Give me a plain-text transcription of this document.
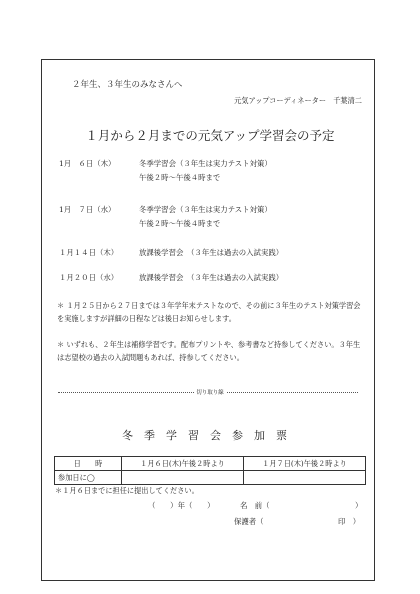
２年生、３年生のみなさんへ
元気アップコーディネーター　千葉清二
１月から２月までの元気アップ学習会の予定
1月　６日（木）	冬季学習会（３年生は実力テスト対策）
午後２時～午後４時まで
1月　７日（水）	冬季学習会（３年生は実力テスト対策）
午後２時～午後４時まで
１月１４日（木）	放課後学習会　（３年生は過去の入試実践）
１月２０日（水）	放課後学習会　（３年生は過去の入試実践）
＊ １月２５日から２７日までは３年学年末テストなので、その前に３年生のテスト対策学習会を実施しますが詳細の日程などは後日お知らせします。
＊ いずれも、２年生は補修学習です。配布プリントや、参考書など持参してください。３年生は志望校の過去の入試問題もあれば、持参してください。
切り取り線
冬季学習会参加票
日　　時	１月６日(木)午後２時より	１月７日(木)午後２時より
参加日に◯		
＊１月６日までに担任に提出してください。
（　　）年（　　）	名　前（	）
保護者（	印　）
